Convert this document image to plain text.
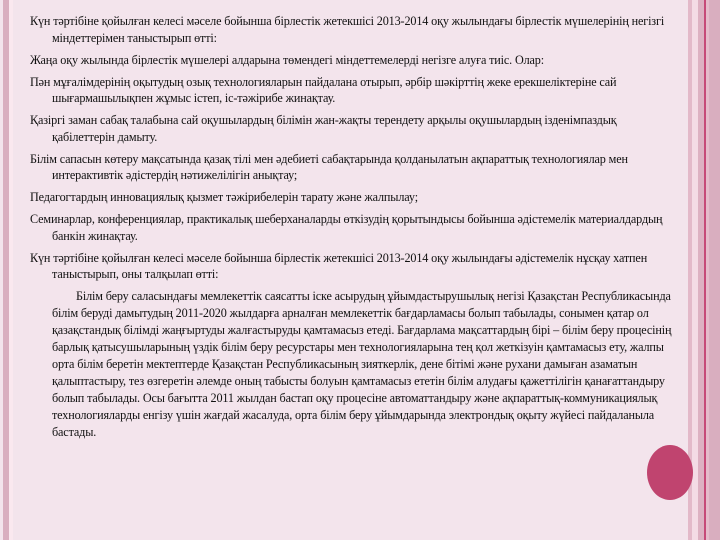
Күн тәртібіне қойылған келесі мәселе бойынша бірлестік жетекшісі 2013-2014 оқу жылындағы бірлестік мүшелерінің негізгі міндеттерімен таныстырып өтті:

Жаңа оқу жылында бірлестік мүшелері алдарына төмендегі міндеттемелерді негізге алуға тиіс. Олар:

Пән мұғалімдерінің оқытудың озық технологияларын пайдалана отырып, әрбір шәкірттің жеке ерекшеліктеріне сай шығармашылықпен жұмыс істеп, іс-тәжірибе жинақтау.

Қазіргі заман сабақ талабына сай оқушылардың білімін жан-жақты терендету арқылы оқушылардың ізденімпаздық қабілеттерін дамыту.

Білім сапасын көтеру мақсатында қазақ тілі мен әдебиеті сабақтарында қолданылатын ақпараттық технологиялар мен интерактивтік әдістердің нәтижелілігін анықтау;

Педагогтардың инновациялық қызмет тәжірибелерін тарату және жалпылау;

Семинарлар, конференциялар, практикалық шеберханаларды өткізудің қорытындысы бойынша әдістемелік материалдардың банкін жинақтау.

Күн тәртібіне қойылған келесі мәселе бойынша бірлестік жетекшісі 2013-2014 оқу жылындағы әдістемелік нұсқау хатпен таныстырып, оны талқылап өтті:

Білім беру саласындағы мемлекеттік саясатты іске асырудың ұйымдастырушылық негізі Қазақстан Республикасында білім беруді дамытудың 2011-2020 жылдарға арналған мемлекеттік бағдарламасы болып табылады, сонымен қатар ол қазақстандық білімді жаңғыртуды жалғастыруды қамтамасыз етеді. Бағдарлама мақсаттардың бірі – білім беру процесінің барлық қатысушыларының үздік білім беру ресурстары мен технологияларына тең қол жеткізуін қамтамасыз ету, жалпы орта білім беретін мектептерде Қазақстан Республикасының зияткерлік, дене бітімі және рухани дамыған азаматын қалыптастыру, тез өзгеретін әлемде оның табысты болуын қамтамасыз ететін білім алудағы қажеттілігін қанағаттандыру болып табылады. Осы бағытта 2011 жылдан бастап оқу процесіне автоматтандыру және ақпараттық-коммуникациялық технологияларды енгізу үшін жағдай жасалуда, орта білім беру ұйымдарында электрондық оқыту жүйесі пайдаланыла бастады.
